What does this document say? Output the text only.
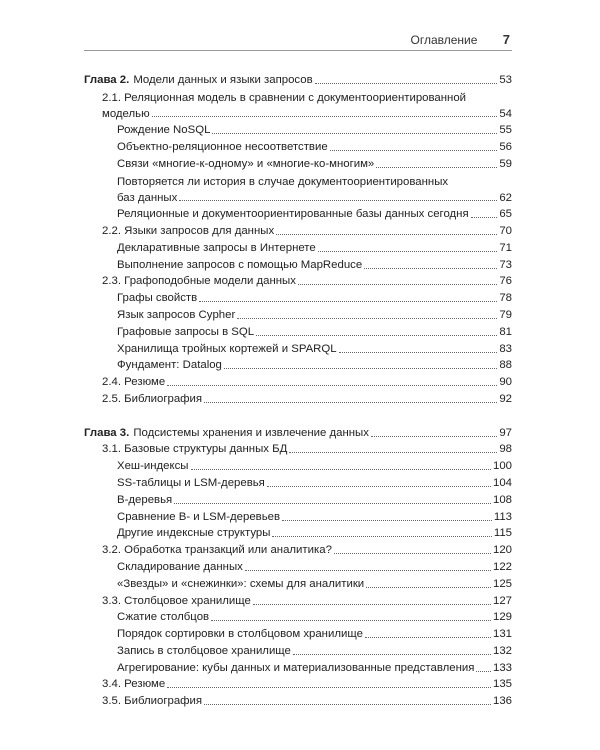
Оглавление 7
Глава 2. Модели данных и языки запросов	53
2.1. Реляционная модель в сравнении с документоориентированной
моделью	54
Рождение NoSQL	55
Объектно-реляционное несоответствие	56
Связи «многие-к-одному» и «многие-ко-многим»	59
Повторяется ли история в случае документоориентированных
баз данных	62
Реляционные и документоориентированные базы данных сегодня	65
2.2. Языки запросов для данных	70
Декларативные запросы в Интернете	71
Выполнение запросов с помощью MapReduce	73
2.3. Графоподобные модели данных	76
Графы свойств	78
Язык запросов Cypher	79
Графовые запросы в SQL	81
Хранилища тройных кортежей и SPARQL	83
Фундамент: Datalog	88
2.4. Резюме	90
2.5. Библиография	92
Глава 3. Подсистемы хранения и извлечение данных	97
3.1. Базовые структуры данных БД	98
Хеш-индексы	100
SS-таблицы и LSM-деревья	104
B-деревья	108
Сравнение B- и LSM-деревьев	113
Другие индексные структуры	115
3.2. Обработка транзакций или аналитика?	120
Складирование данных	122
«Звезды» и «снежинки»: схемы для аналитики	125
3.3. Столбцовое хранилище	127
Сжатие столбцов	129
Порядок сортировки в столбцовом хранилище	131
Запись в столбцовое хранилище	132
Агрегирование: кубы данных и материализованные представления 133
3.4. Резюме	135
3.5. Библиография	136
